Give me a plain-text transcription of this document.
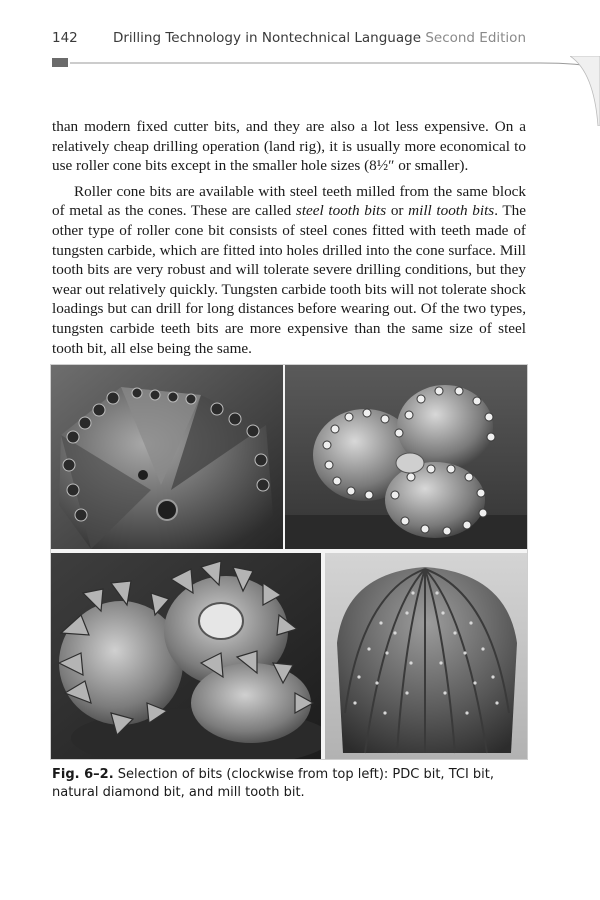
142	Drilling Technology in Nontechnical Language Second Edition

than modern fixed cutter bits, and they are also a lot less expensive. On a relatively cheap drilling operation (land rig), it is usually more economical to use roller cone bits except in the smaller hole sizes (8½″ or smaller).

Roller cone bits are available with steel teeth milled from the same block of metal as the cones. These are called steel tooth bits or mill tooth bits. The other type of roller cone bit consists of steel cones fitted with teeth made of tungsten carbide, which are fitted into holes drilled into the cone surface. Mill tooth bits are very robust and will tolerate severe drilling conditions, but they wear out relatively quickly. Tungsten carbide tooth bits will not tolerate shock loadings but can drill for long distances before wearing out. Of the two types, tungsten carbide teeth bits are more expensive than the same size of steel tooth bit, all else being the same.

Fig. 6–2. Selection of bits (clockwise from top left): PDC bit, TCI bit, natural diamond bit, and mill tooth bit.
